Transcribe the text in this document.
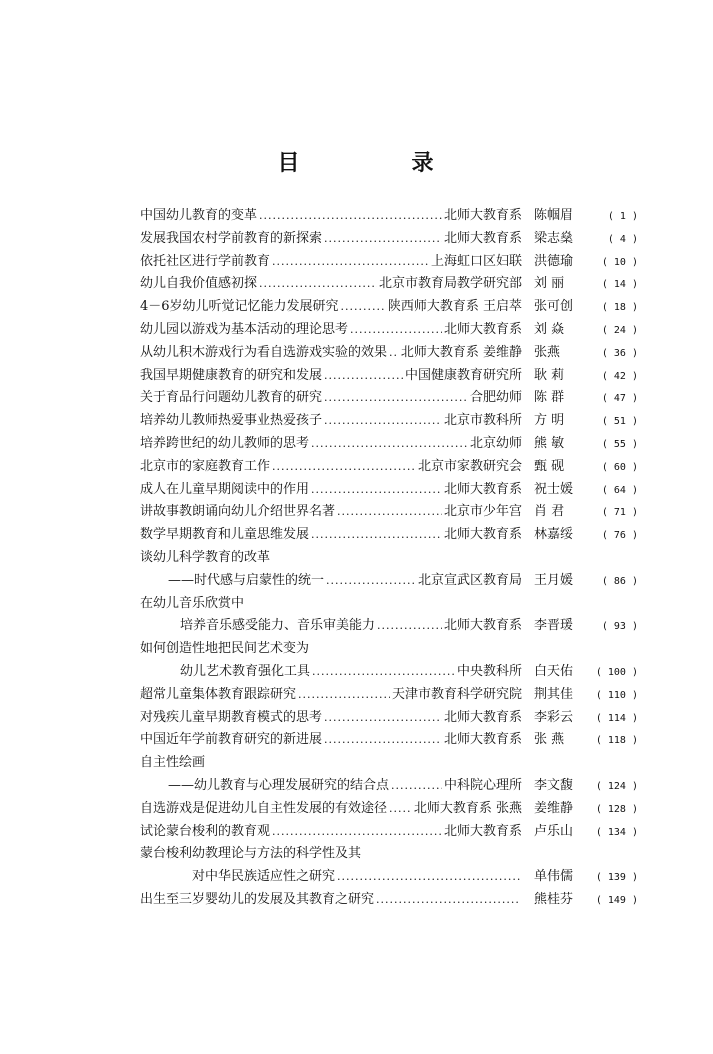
目	录
中国幼儿教育的变革 .....	北师大教育系 陈帼眉	( 1 )
发展我国农村学前教育的新探索 .....	北师大教育系 梁志燊	( 4 )
依托社区进行学前教育 .....	上海虹口区妇联 洪德瑜	( 10 )
幼儿自我价值感初探 .....	北京市教育局教学研究部 刘 丽	( 14 )
4－6岁幼儿听觉记忆能力发展研究 .....	陕西师大教育系 王启萃 张可创	( 18 )
幼儿园以游戏为基本活动的理论思考 .....	北师大教育系 刘 焱	( 24 )
从幼儿积木游戏行为看自选游戏实验的效果 ..... 北师大教育系 姜维静 张燕	( 36 )
我国早期健康教育的研究和发展 .....	中国健康教育研究所 耿 莉	( 42 )
关于育品行问题幼儿教育的研究 .....	合肥幼师 陈 群	( 47 )
培养幼儿教师热爱事业热爱孩子 .....	北京市教科所 方 明	( 51 )
培养跨世纪的幼儿教师的思考 .....	北京幼师 熊 敏	( 55 )
北京市的家庭教育工作 .....	北京市家教研究会 甄 砚	( 60 )
成人在儿童早期阅读中的作用 .....	北师大教育系 祝士媛	( 64 )
讲故事教朗诵向幼儿介绍世界名著 .....	北京市少年宫 肖 君	( 71 )
数学早期教育和儿童思维发展 .....	北师大教育系 林嘉绥	( 76 )
谈幼儿科学教育的改革
——时代感与启蒙性的统一 .....	北京宣武区教育局 王月媛	( 86 )
在幼儿音乐欣赏中
培养音乐感受能力、音乐审美能力 .....	北师大教育系 李晋瑗	( 93 )
如何创造性地把民间艺术变为
幼儿艺术教育强化工具 .....	中央教科所 白天佑	( 100 )
超常儿童集体教育跟踪研究 .....	天津市教育科学研究院 荆其佳	( 110 )
对残疾儿童早期教育模式的思考 .....	北师大教育系 李彩云	( 114 )
中国近年学前教育研究的新进展 .....	北师大教育系 张 燕	( 118 )
自主性绘画
——幼儿教育与心理发展研究的结合点 .....	中科院心理所 李文馥	( 124 )
自选游戏是促进幼儿自主性发展的有效途径 ..... 北师大教育系 张燕 姜维静	( 128 )
试论蒙台梭利的教育观 .....	北师大教育系 卢乐山	( 134 )
蒙台梭利幼教理论与方法的科学性及其
对中华民族适应性之研究 .....	单伟儒	( 139 )
出生至三岁婴幼儿的发展及其教育之研究 .....	熊桂芬	( 149 )
